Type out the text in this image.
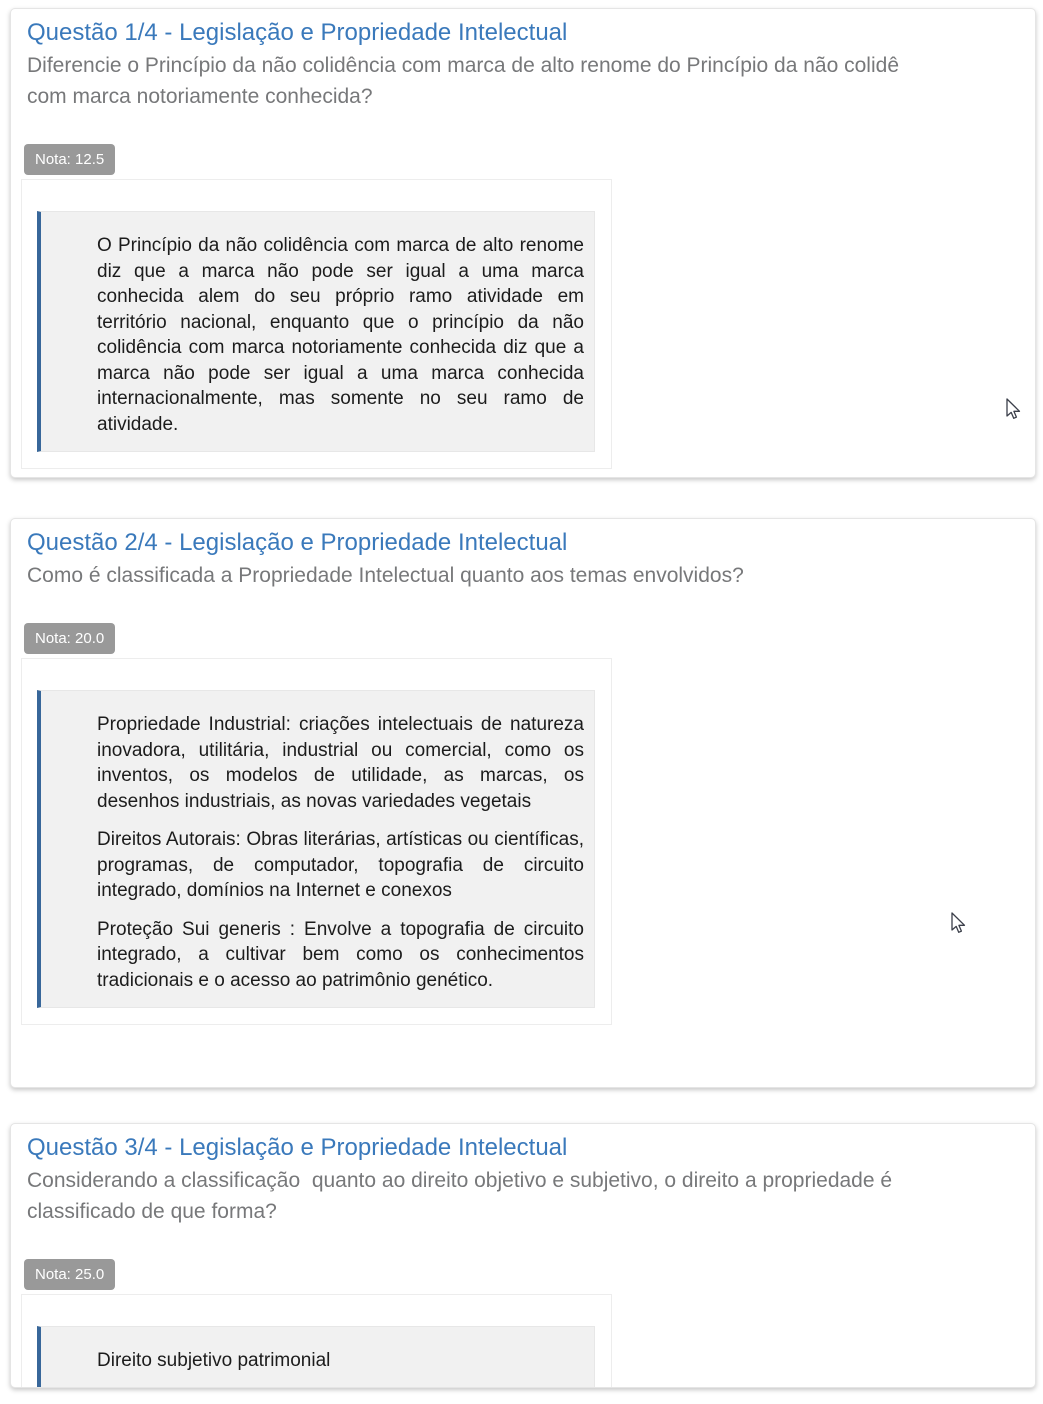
Questão 1/4 - Legislação e Propriedade Intelectual
Diferencie o Princípio da não colidência com marca de alto renome do Princípio da não colidê
com marca notoriamente conhecida?
Nota: 12.5

O Princípio da não colidência com marca de alto renome diz que a marca não pode ser igual a uma marca conhecida alem do seu próprio ramo atividade em território nacional, enquanto que o princípio da não colidência com marca notoriamente conhecida diz que a marca não pode ser igual a uma marca conhecida internacionalmente, mas somente no seu ramo de atividade.

Questão 2/4 - Legislação e Propriedade Intelectual
Como é classificada a Propriedade Intelectual quanto aos temas envolvidos?
Nota: 20.0

Propriedade Industrial: criações intelectuais de natureza inovadora, utilitária, industrial ou comercial, como os inventos, os modelos de utilidade, as marcas, os desenhos industriais, as novas variedades vegetais

Direitos Autorais: Obras literárias, artísticas ou científicas, programas, de computador, topografia de circuito integrado, domínios na Internet e conexos

Proteção Sui generis : Envolve a topografia de circuito integrado, a cultivar bem como os conhecimentos tradicionais e o acesso ao patrimônio genético.

Questão 3/4 - Legislação e Propriedade Intelectual
Considerando a classificação  quanto ao direito objetivo e subjetivo, o direito a propriedade é
classificado de que forma?
Nota: 25.0

Direito subjetivo patrimonial
